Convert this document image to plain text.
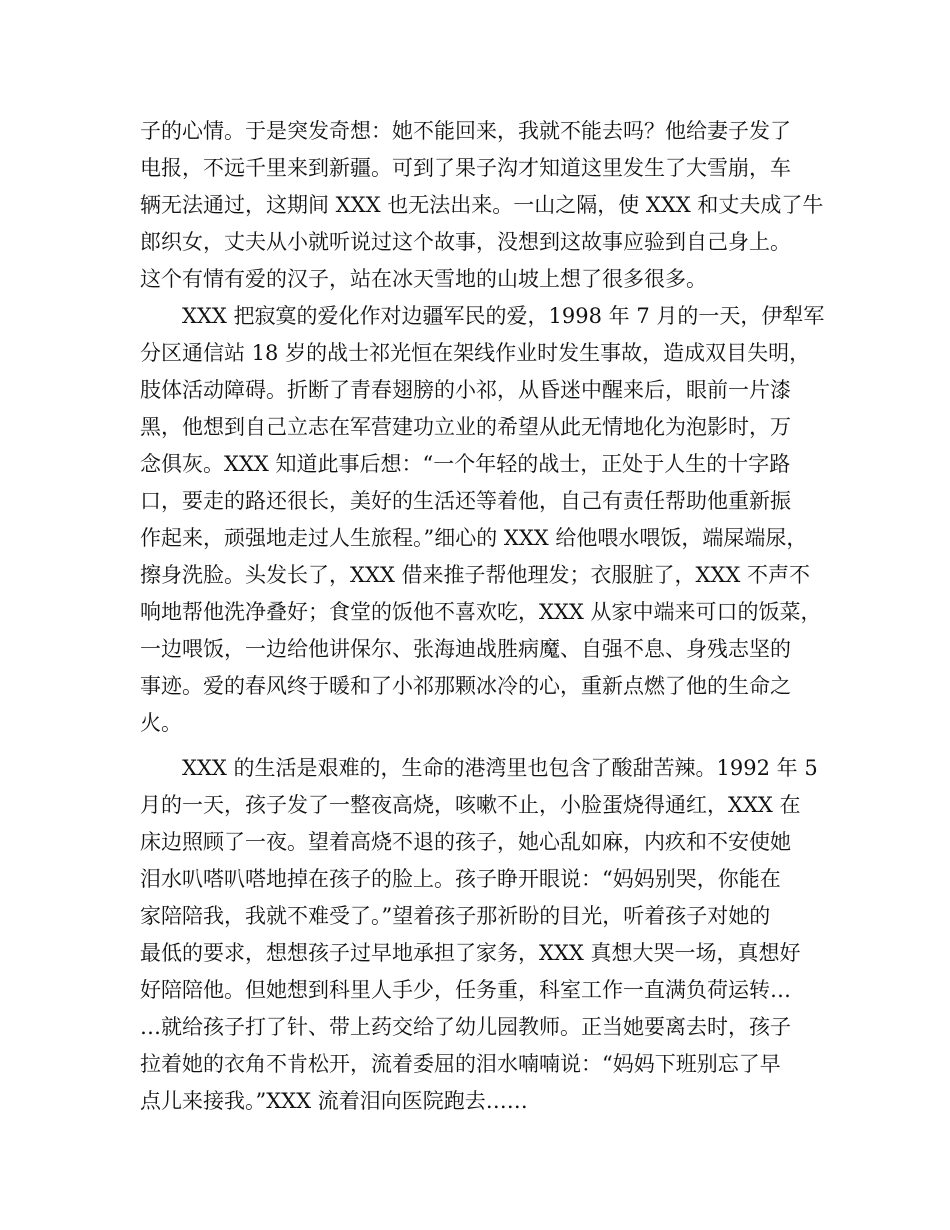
子的心情。于是突发奇想：她不能回来，我就不能去吗？他给妻子发了
电报，不远千里来到新疆。可到了果子沟才知道这里发生了大雪崩，车
辆无法通过，这期间 XXX 也无法出来。一山之隔，使 XXX 和丈夫成了牛
郎织女，丈夫从小就听说过这个故事，没想到这故事应验到自己身上。
这个有情有爱的汉子，站在冰天雪地的山坡上想了很多很多。
　　XXX 把寂寞的爱化作对边疆军民的爱，1998 年 7 月的一天，伊犁军
分区通信站 18 岁的战士祁光恒在架线作业时发生事故，造成双目失明，
肢体活动障碍。折断了青春翅膀的小祁，从昏迷中醒来后，眼前一片漆
黑，他想到自己立志在军营建功立业的希望从此无情地化为泡影时，万
念俱灰。XXX 知道此事后想：“一个年轻的战士，正处于人生的十字路
口，要走的路还很长，美好的生活还等着他，自己有责任帮助他重新振
作起来，顽强地走过人生旅程。”细心的 XXX 给他喂水喂饭，端屎端尿，
擦身洗脸。头发长了，XXX 借来推子帮他理发；衣服脏了，XXX 不声不
响地帮他洗净叠好；食堂的饭他不喜欢吃，XXX 从家中端来可口的饭菜，
一边喂饭，一边给他讲保尔、张海迪战胜病魔、自强不息、身残志坚的
事迹。爱的春风终于暖和了小祁那颗冰冷的心，重新点燃了他的生命之
火。
　　XXX 的生活是艰难的，生命的港湾里也包含了酸甜苦辣。1992 年 5
月的一天，孩子发了一整夜高烧，咳嗽不止，小脸蛋烧得通红，XXX 在
床边照顾了一夜。望着高烧不退的孩子，她心乱如麻，内疚和不安使她
泪水叭嗒叭嗒地掉在孩子的脸上。孩子睁开眼说：“妈妈别哭，你能在
家陪陪我，我就不难受了。”望着孩子那祈盼的目光，听着孩子对她的
最低的要求，想想孩子过早地承担了家务，XXX 真想大哭一场，真想好
好陪陪他。但她想到科里人手少，任务重，科室工作一直满负荷运转…
…就给孩子打了针、带上药交给了幼儿园教师。正当她要离去时，孩子
拉着她的衣角不肯松开，流着委屈的泪水喃喃说：“妈妈下班别忘了早
点儿来接我。”XXX 流着泪向医院跑去……
